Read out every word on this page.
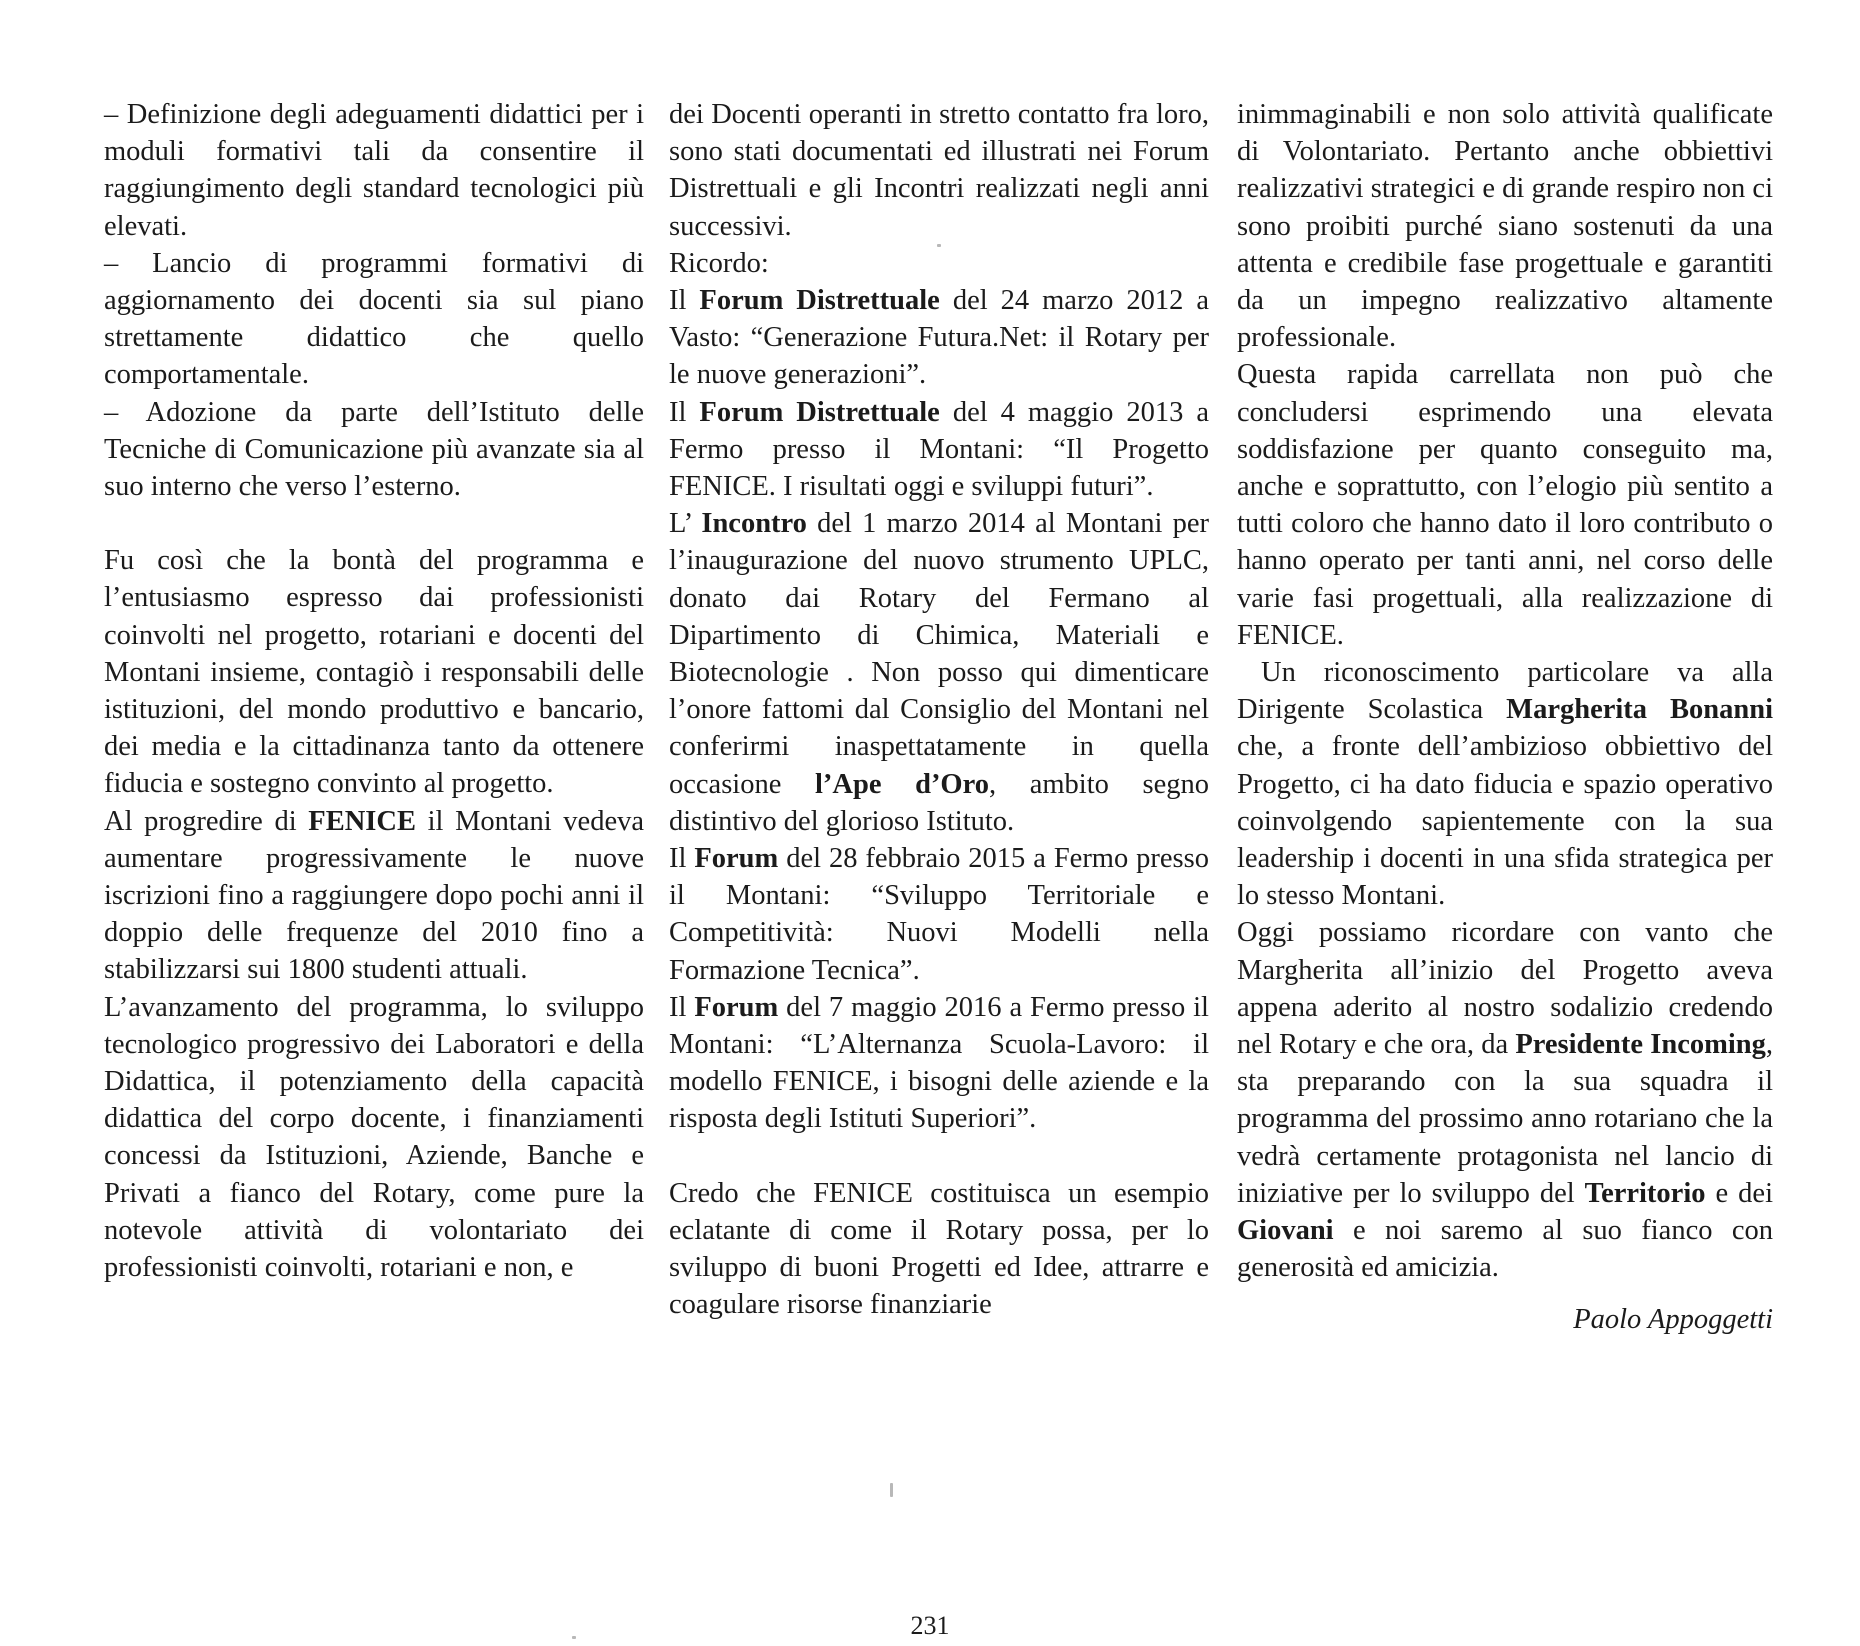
– Definizione degli adeguamenti didattici per i moduli formativi tali da consentire il raggiungimento degli standard tecnologici più elevati.

– Lancio di programmi formativi di aggiornamento dei docenti sia sul piano strettamente didattico che quello comportamentale.

– Adozione da parte dell’Istituto delle Tecniche di Comunicazione più avanzate sia al suo interno che verso l’esterno.

Fu così che la bontà del programma e l’entusiasmo espresso dai professionisti coinvolti nel progetto, rotariani e docenti del Montani insieme, contagiò i responsabili delle istituzioni, del mondo produttivo e bancario, dei media e la cittadinanza tanto da ottenere fiducia e sostegno convinto al progetto.

Al progredire di FENICE il Montani vedeva aumentare progressivamente le nuove iscrizioni fino a raggiungere dopo pochi anni il doppio delle frequenze del 2010 fino a stabilizzarsi sui 1800 studenti attuali.

L’avanzamento del programma, lo sviluppo tecnologico progressivo dei Laboratori e della Didattica, il potenziamento della capacità didattica del corpo docente, i finanziamenti concessi da Istituzioni, Aziende, Banche e Privati a fianco del Rotary, come pure la notevole attività di volontariato dei professionisti coinvolti, rotariani e non, e

dei Docenti operanti in stretto contatto fra loro, sono stati documentati ed illustrati nei Forum Distrettuali e gli Incontri realizzati negli anni successivi.

Ricordo:

Il Forum Distrettuale del 24 marzo 2012 a Vasto: “Generazione Futura.Net: il Rotary per le nuove generazioni”.

Il Forum Distrettuale del 4 maggio 2013 a Fermo presso il Montani: “Il Progetto FENICE. I risultati oggi e sviluppi futuri”.

L’ Incontro del 1 marzo 2014 al Montani per l’inaugurazione del nuovo strumento UPLC, donato dai Rotary del Fermano al Dipartimento di Chimica, Materiali e Biotecnologie . Non posso qui dimenticare l’onore fattomi dal Consiglio del Montani nel conferirmi inaspettatamente in quella occasione l’Ape d’Oro, ambito segno distintivo del glorioso Istituto.

Il Forum del 28 febbraio 2015 a Fermo presso il Montani: “Sviluppo Territoriale e Competitività: Nuovi Modelli nella Formazione Tecnica”.

Il Forum del 7 maggio 2016 a Fermo presso il Montani: “L’Alternanza Scuola-Lavoro: il modello FENICE, i bisogni delle aziende e la risposta degli Istituti Superiori”.

Credo che FENICE costituisca un esempio eclatante di come il Rotary possa, per lo sviluppo di buoni Progetti ed Idee, attrarre e coagulare risorse finanziarie

inimmaginabili e non solo attività qualificate di Volontariato. Pertanto anche obbiettivi realizzativi strategici e di grande respiro non ci sono proibiti purché siano sostenuti da una attenta e credibile fase progettuale e garantiti da un impegno realizzativo altamente professionale.

Questa rapida carrellata non può che concludersi esprimendo una elevata soddisfazione per quanto conseguito ma, anche e soprattutto, con l’elogio più sentito a tutti coloro che hanno dato il loro contributo o hanno operato per tanti anni, nel corso delle varie fasi progettuali, alla realizzazione di FENICE.

Un riconoscimento particolare va alla Dirigente Scolastica Margherita Bonanni che, a fronte dell’ambizioso obbiettivo del Progetto, ci ha dato fiducia e spazio operativo coinvolgendo sapientemente con la sua leadership i docenti in una sfida strategica per lo stesso Montani.

Oggi possiamo ricordare con vanto che Margherita all’inizio del Progetto aveva appena aderito al nostro sodalizio credendo nel Rotary e che ora, da Presidente Incoming, sta preparando con la sua squadra il programma del prossimo anno rotariano che la vedrà certamente protagonista nel lancio di iniziative per lo sviluppo del Territorio e dei Giovani e noi saremo al suo fianco con generosità ed amicizia.

Paolo Appoggetti

231
